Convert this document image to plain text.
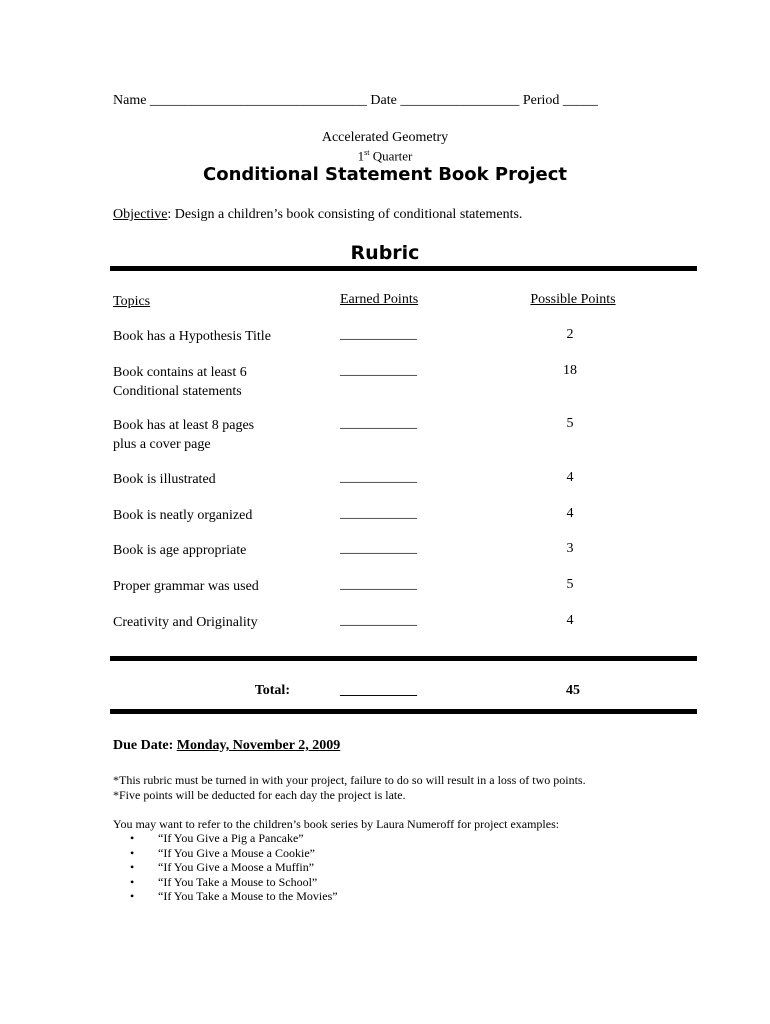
Name _______________________________ Date _________________ Period _____
Accelerated Geometry
1st Quarter
Conditional Statement Book Project
Objective: Design a children’s book consisting of conditional statements.
Rubric
Topics	Earned Points	Possible Points
Book has a Hypothesis Title	___________	2
Book contains at least 6
Conditional statements
___________	18
Book has at least 8 pages
plus a cover page
___________	5
Book is illustrated	___________	4
Book is neatly organized	___________	4
Book is age appropriate	___________	3
Proper grammar was used	___________	5
Creativity and Originality	___________	4
Total:	___________	45
Due Date: Monday, November 2, 2009
*This rubric must be turned in with your project, failure to do so will result in a loss of two points.
*Five points will be deducted for each day the project is late.
You may want to refer to the children’s book series by Laura Numeroff for project examples:
• “If You Give a Pig a Pancake”
• “If You Give a Mouse a Cookie”
• “If You Give a Moose a Muffin”
• “If You Take a Mouse to School”
• “If You Take a Mouse to the Movies”
